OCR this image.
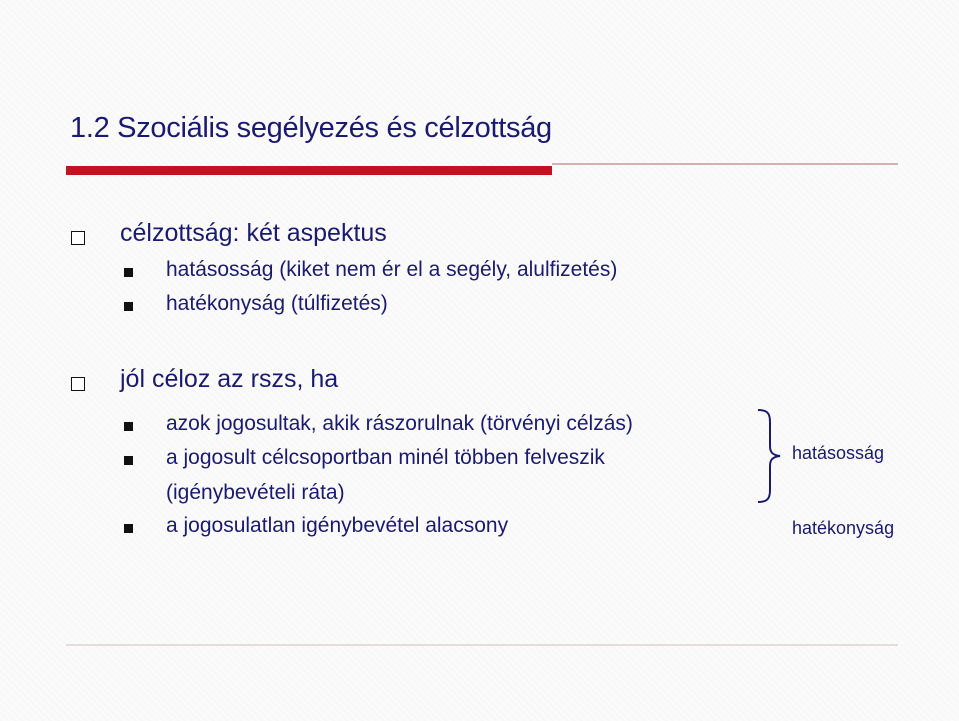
1.2 Szociális segélyezés és célzottság
célzottság: két aspektus
hatásosság (kiket nem ér el a segély, alulfizetés)
hatékonyság (túlfizetés)
jól céloz az rszs, ha
azok jogosultak, akik rászorulnak (törvényi célzás)
a jogosult célcsoportban minél többen felveszik
(igénybevételi ráta)
a jogosulatlan igénybevétel alacsony
hatásosság
hatékonyság
